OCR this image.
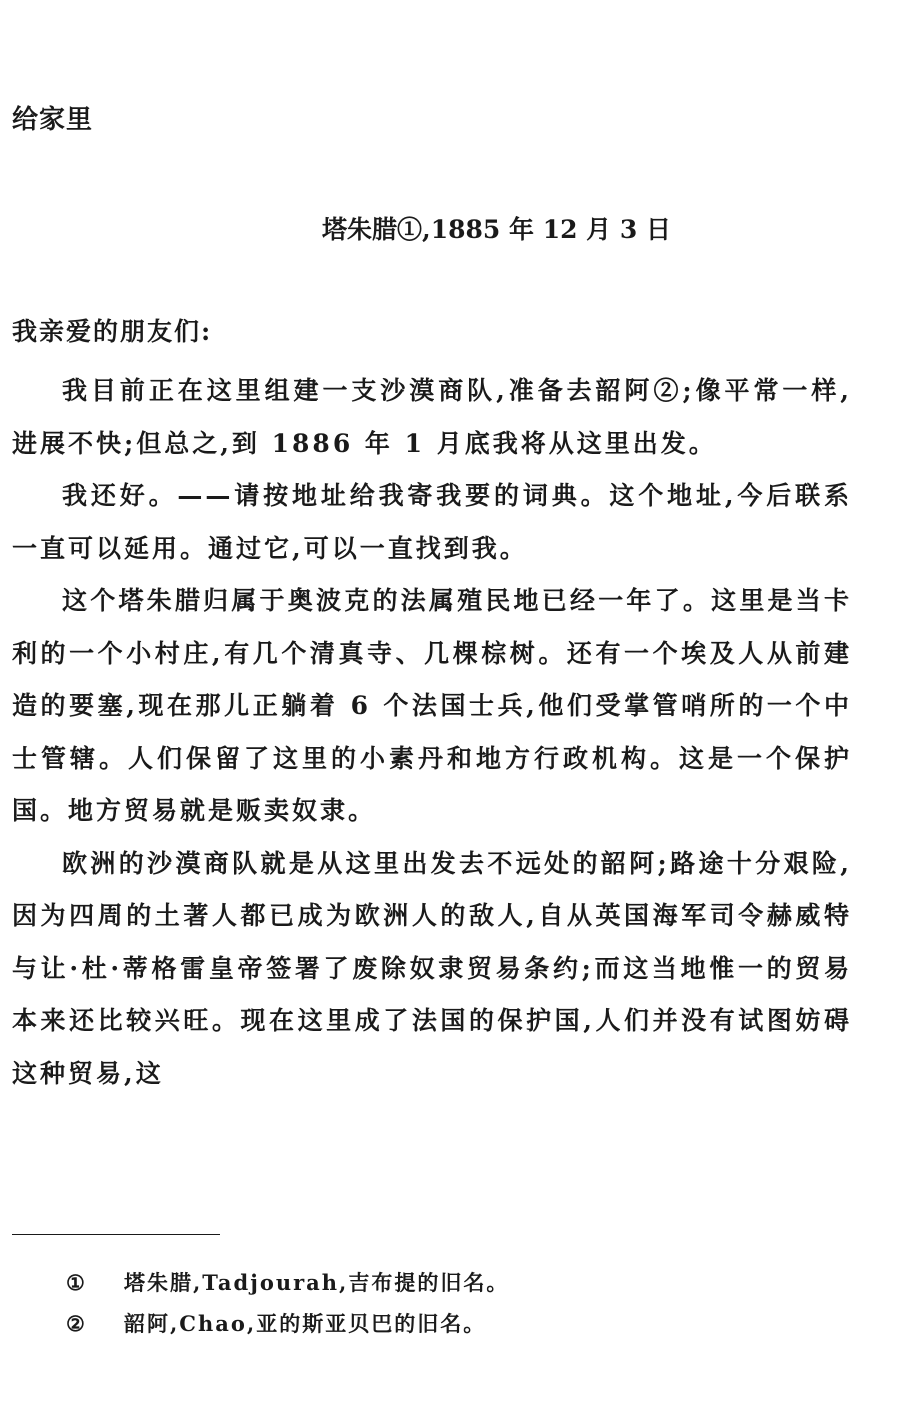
给家里
塔朱腊①,1885 年 12 月 3 日
我亲爱的朋友们:

我目前正在这里组建一支沙漠商队,准备去韶阿②;像平常一样,进展不快;但总之,到 1886 年 1 月底我将从这里出发。

我还好。——请按地址给我寄我要的词典。这个地址,今后联系一直可以延用。通过它,可以一直找到我。

这个塔朱腊归属于奥波克的法属殖民地已经一年了。这里是当卡利的一个小村庄,有几个清真寺、几棵棕树。还有一个埃及人从前建造的要塞,现在那儿正躺着 6 个法国士兵,他们受掌管哨所的一个中士管辖。人们保留了这里的小素丹和地方行政机构。这是一个保护国。地方贸易就是贩卖奴隶。

欧洲的沙漠商队就是从这里出发去不远处的韶阿;路途十分艰险,因为四周的土著人都已成为欧洲人的敌人,自从英国海军司令赫威特与让·杜·蒂格雷皇帝签署了废除奴隶贸易条约;而这当地惟一的贸易本来还比较兴旺。现在这里成了法国的保护国,人们并没有试图妨碍这种贸易,这

① 塔朱腊,Tadjourah,吉布提的旧名。
② 韶阿,Chao,亚的斯亚贝巴的旧名。
